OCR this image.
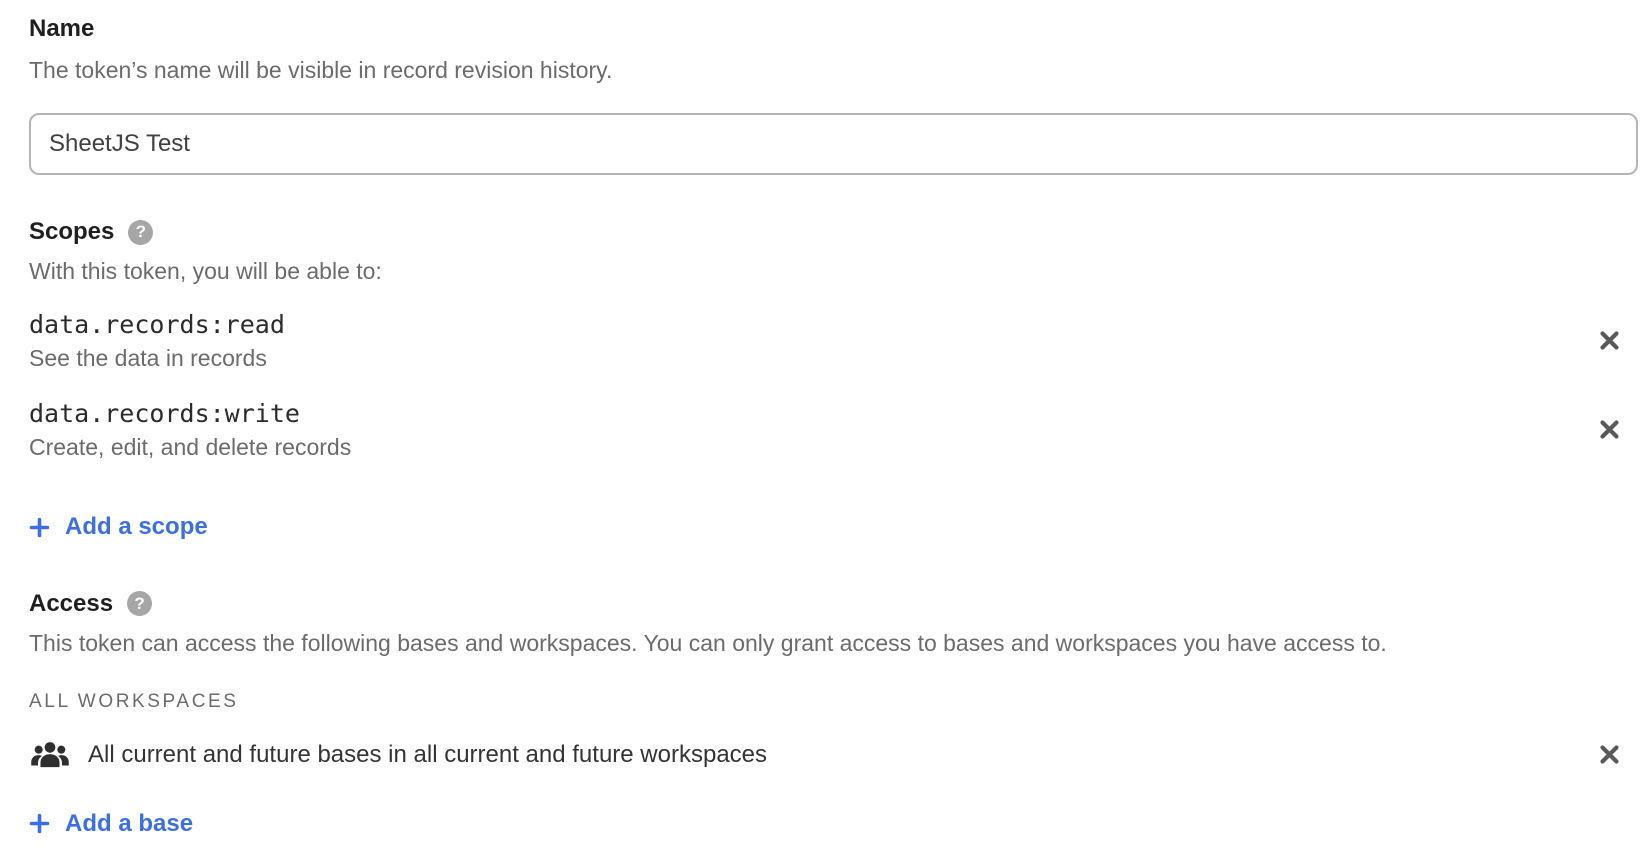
Name
The token’s name will be visible in record revision history.
SheetJS Test
Scopes	?
With this token, you will be able to:
data.records:read
See the data in records
data.records:write
Create, edit, and delete records
Add a scope
Access	?
This token can access the following bases and workspaces. You can only grant access to bases and workspaces you have access to.
ALL WORKSPACES
All current and future bases in all current and future workspaces
Add a base
